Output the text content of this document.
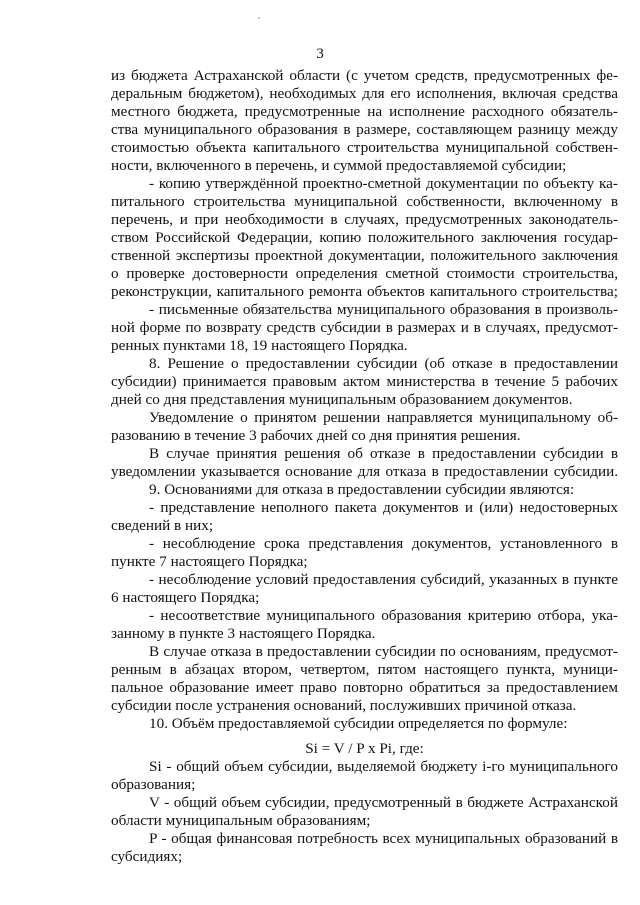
3
из бюджета Астраханской области (с учетом средств, предусмотренных фе-
деральным бюджетом), необходимых для его исполнения, включая средства
местного бюджета, предусмотренные на исполнение расходного обязатель-
ства муниципального образования в размере, составляющем разницу между
стоимостью объекта капитального строительства муниципальной собствен-
ности, включенного в перечень, и суммой предоставляемой субсидии;
- копию утверждённой проектно-сметной документации по объекту ка-
питального строительства муниципальной собственности, включенному в
перечень, и при необходимости в случаях, предусмотренных законодатель-
ством Российской Федерации, копию положительного заключения государ-
ственной экспертизы проектной документации, положительного заключения
о проверке достоверности определения сметной стоимости строительства,
реконструкции, капитального ремонта объектов капитального строительства;
- письменные обязательства муниципального образования в произволь-
ной форме по возврату средств субсидии в размерах и в случаях, предусмот-
ренных пунктами 18, 19 настоящего Порядка.
8. Решение о предоставлении субсидии (об отказе в предоставлении
субсидии) принимается правовым актом министерства в течение 5 рабочих
дней со дня представления муниципальным образованием документов.
Уведомление о принятом решении направляется муниципальному об-
разованию в течение 3 рабочих дней со дня принятия решения.
В случае принятия решения об отказе в предоставлении субсидии в
уведомлении указывается основание для отказа в предоставлении субсидии.
9. Основаниями для отказа в предоставлении субсидии являются:
- представление неполного пакета документов и (или) недостоверных
сведений в них;
- несоблюдение срока представления документов, установленного в
пункте 7 настоящего Порядка;
- несоблюдение условий предоставления субсидий, указанных в пункте
6 настоящего Порядка;
- несоответствие муниципального образования критерию отбора, ука-
занному в пункте 3 настоящего Порядка.
В случае отказа в предоставлении субсидии по основаниям, предусмот-
ренным в абзацах втором, четвертом, пятом настоящего пункта, муници-
пальное образование имеет право повторно обратиться за предоставлением
субсидии после устранения оснований, послуживших причиной отказа.
10. Объём предоставляемой субсидии определяется по формуле:
Si = V / P x Pi, где:
Si - общий объем субсидии, выделяемой бюджету i-го муниципального
образования;
V - общий объем субсидии, предусмотренный в бюджете Астраханской
области муниципальным образованиям;
P - общая финансовая потребность всех муниципальных образований в
субсидиях;
